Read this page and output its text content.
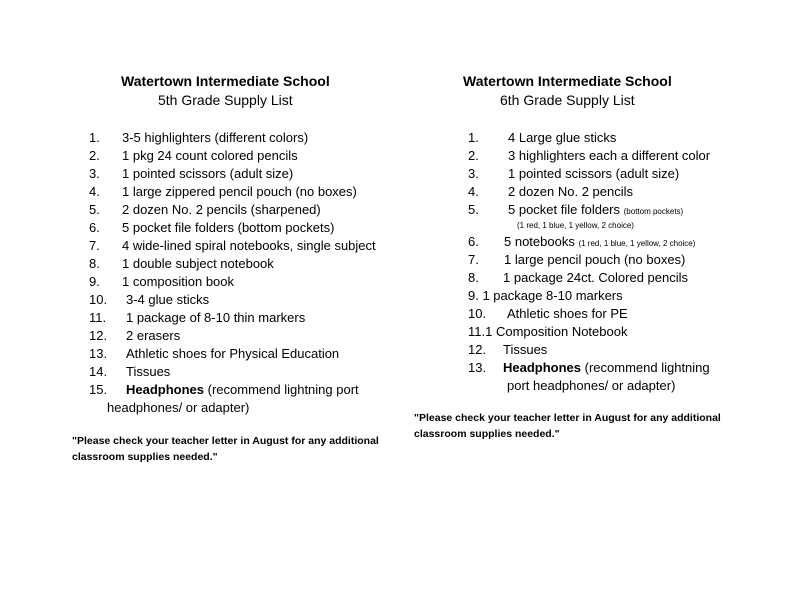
Watertown Intermediate School
5th Grade Supply List
1. 3-5 highlighters (different colors)
2. 1 pkg 24 count colored pencils
3. 1 pointed scissors (adult size)
4. 1 large zippered pencil pouch (no boxes)
5. 2 dozen No. 2 pencils (sharpened)
6. 5 pocket file folders (bottom pockets)
7. 4 wide-lined spiral notebooks, single subject
8. 1 double subject notebook
9. 1 composition book
10. 3-4 glue sticks
11. 1 package of 8-10 thin markers
12. 2 erasers
13. Athletic shoes for Physical Education
14. Tissues
15. Headphones (recommend lightning port
headphones/ or adapter)
"Please check your teacher letter in August for any additional
classroom supplies needed."
Watertown Intermediate School
6th Grade Supply List
1. 4 Large glue sticks
2. 3 highlighters each a different color
3. 1 pointed scissors (adult size)
4. 2 dozen No. 2 pencils
5. 5 pocket file folders (bottom pockets)
(1 red, 1 blue, 1 yellow, 2 choice)
6. 5 notebooks (1 red, 1 blue, 1 yellow, 2 choice)
7. 1 large pencil pouch (no boxes)
8. 1 package 24ct. Colored pencils
9. 1 package 8-10 markers
10. Athletic shoes for PE
11.1 Composition Notebook
12. Tissues
13. Headphones (recommend lightning
port headphones/ or adapter)
"Please check your teacher letter in August for any additional
classroom supplies needed."
